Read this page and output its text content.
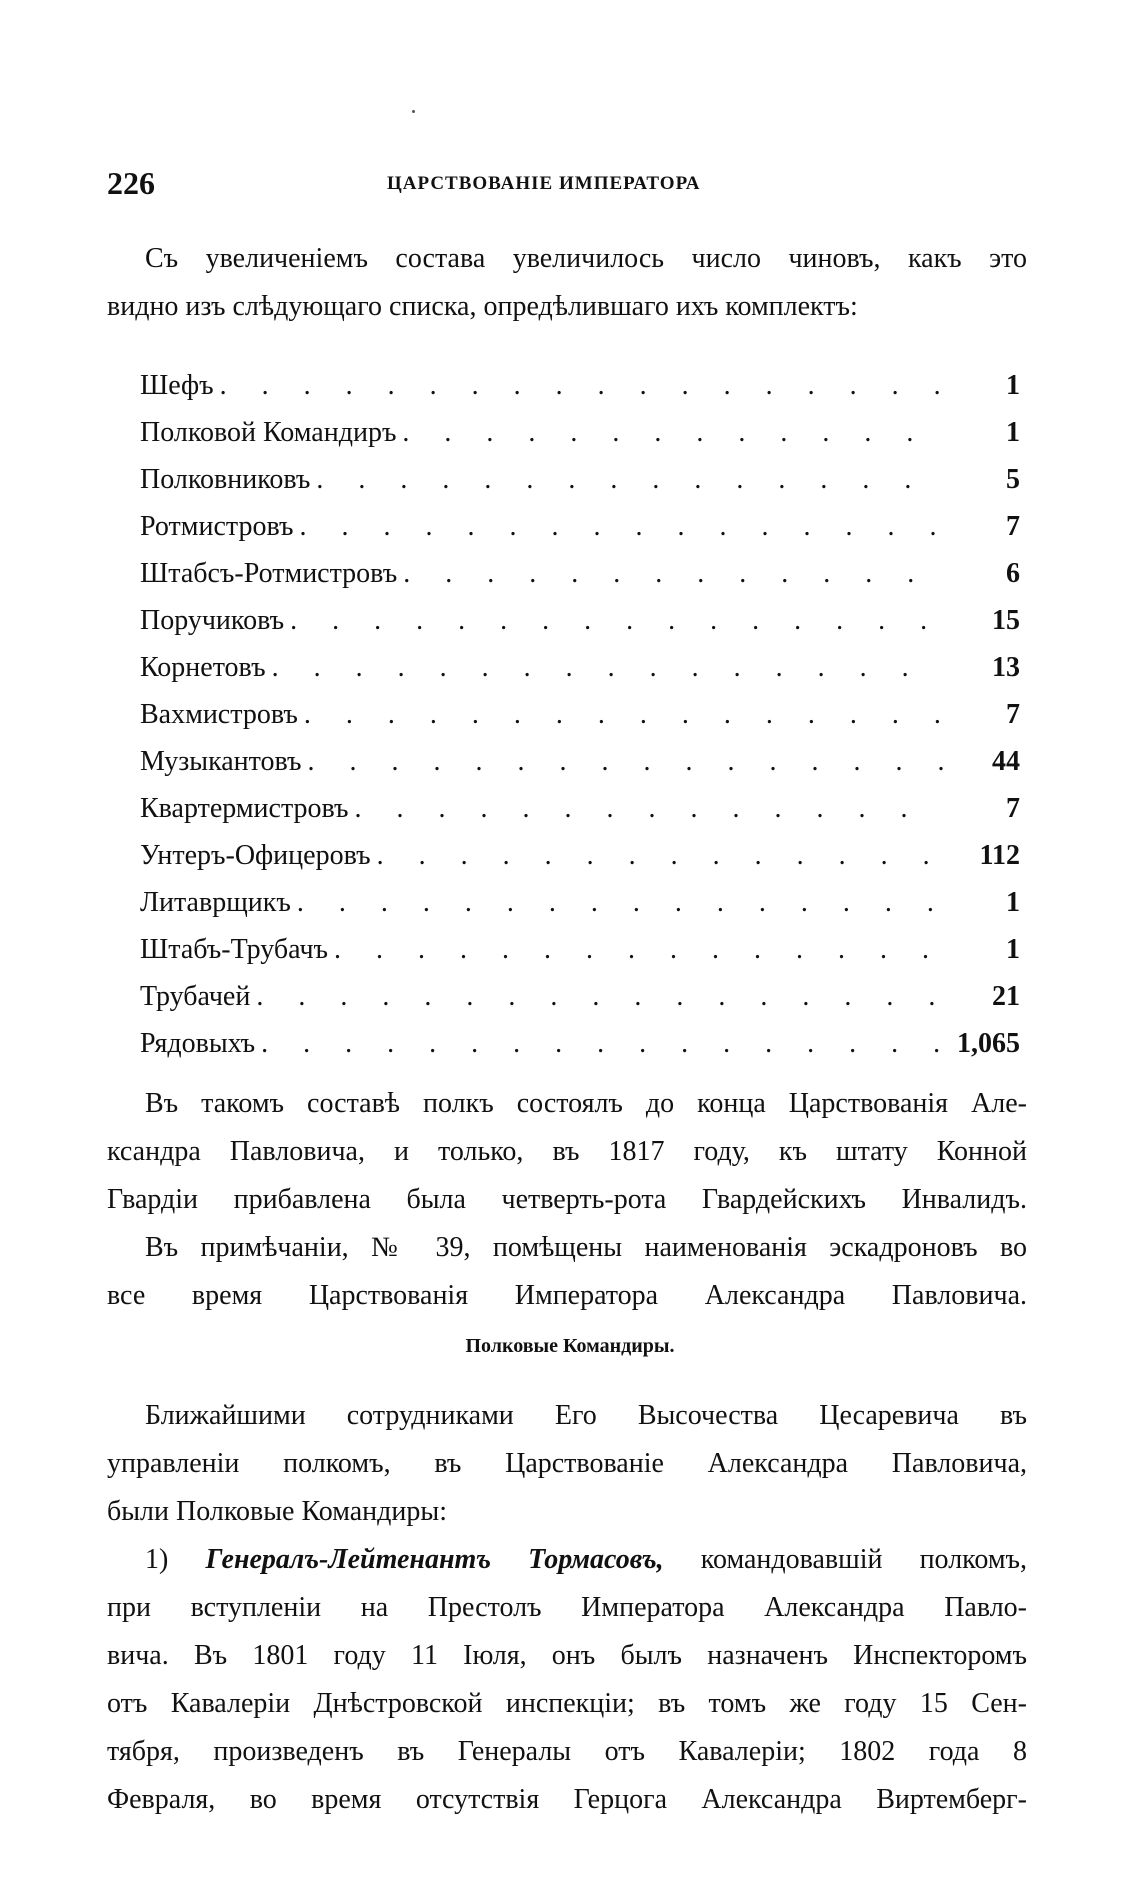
226	ЦАРСТВОВАНІЕ ИМПЕРАТОРА
Съ увеличеніемъ состава увеличилось число чиновъ, какъ это
видно изъ слѣдующаго списка, опредѣлившаго ихъ комплектъ:
Шефъ . . .	1
Полковой Командиръ . . .	1
Полковниковъ . . .	5
Ротмистровъ . . .	7
Штабсъ-Ротмистровъ . . .	6
Поручиковъ . . .	15
Корнетовъ . . .	13
Вахмистровъ . . .	7
Музыкантовъ . . .	44
Квартермистровъ . . .	7
Унтеръ-Офицеровъ . . .	112
Литаврщикъ . . .	1
Штабъ-Трубачъ . . .	1
Трубачей . . .	21
Рядовыхъ . . .	1,065
Въ такомъ составѣ полкъ состоялъ до конца Царствованія Але-
ксандра Павловича, и только, въ 1817 году, къ штату Конной
Гвардіи прибавлена была четверть-рота Гвардейскихъ Инвалидъ.
Въ примѣчаніи, № 39, помѣщены наименованія эскадроновъ во
все время Царствованія Императора Александра Павловича.
Полковые Командиры.
Ближайшими сотрудниками Его Высочества Цесаревича въ
управленіи полкомъ, въ Царствованіе Александра Павловича,
были Полковые Командиры:
1) Генералъ-Лейтенантъ Тормасовъ, командовавшій полкомъ,
при вступленіи на Престолъ Императора Александра Павло-
вича. Въ 1801 году 11 Іюля, онъ былъ назначенъ Инспекторомъ
отъ Кавалеріи Днѣстровской инспекціи; въ томъ же году 15 Сен-
тября, произведенъ въ Генералы отъ Кавалеріи; 1802 года 8
Февраля, во время отсутствія Герцога Александра Виртемберг-
